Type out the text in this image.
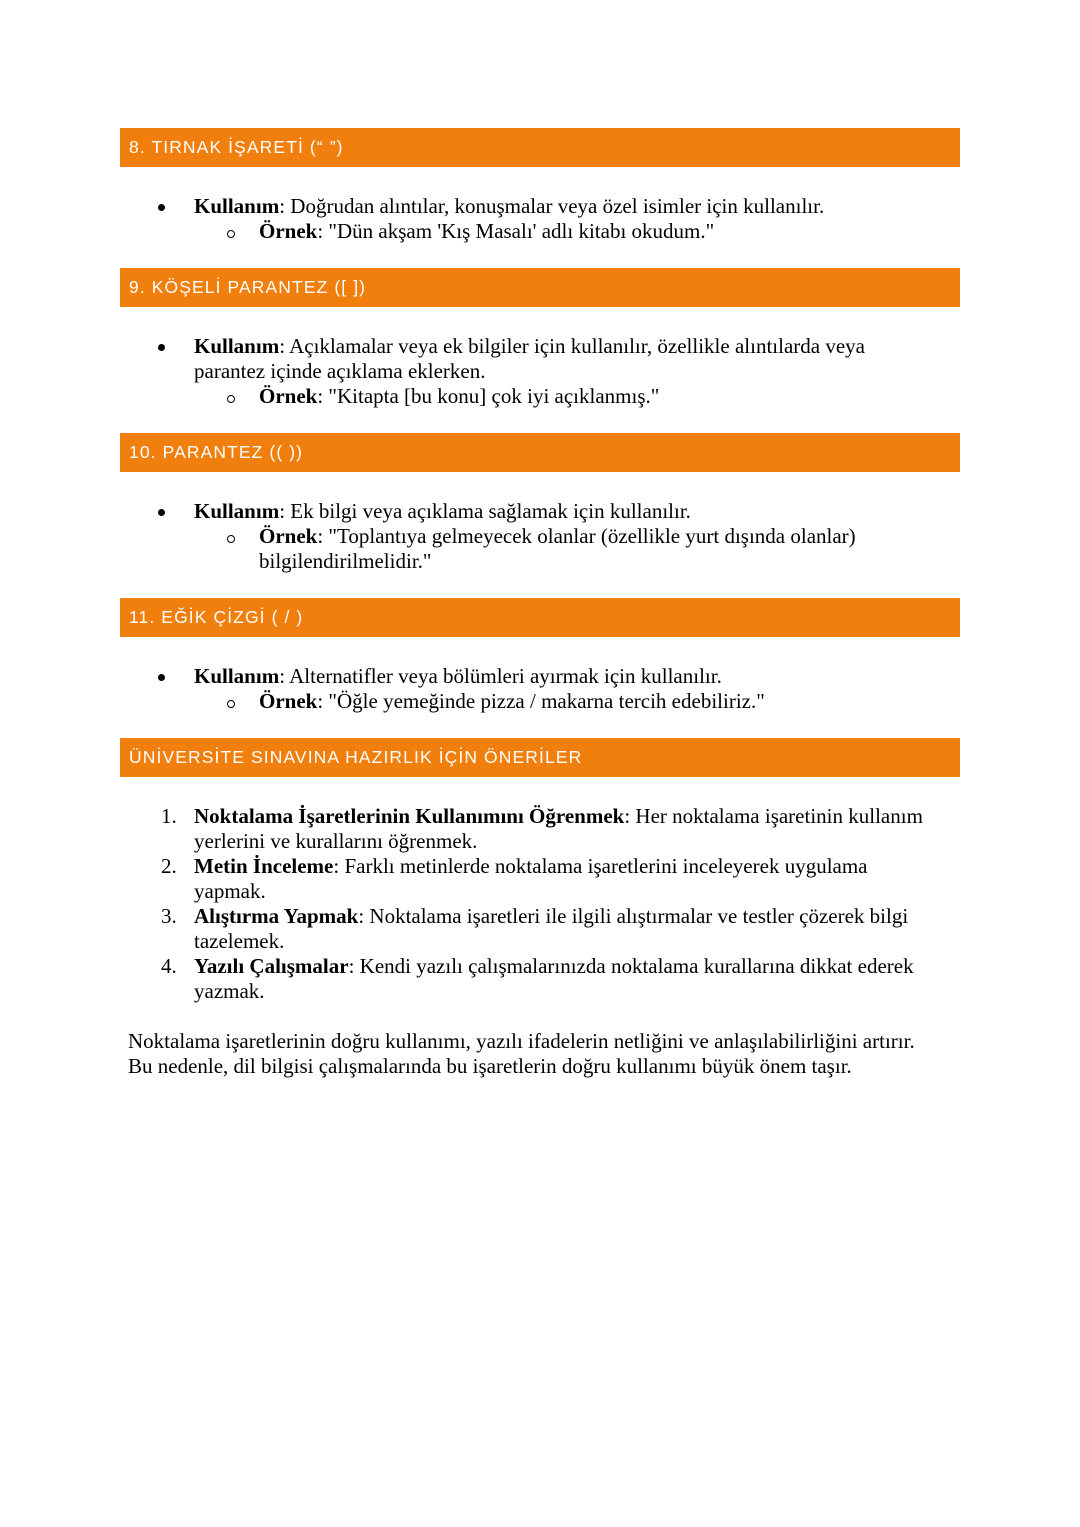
8. TIRNAK İŞARETİ (“ ”)
Kullanım: Doğrudan alıntılar, konuşmalar veya özel isimler için kullanılır.
Örnek: "Dün akşam 'Kış Masalı' adlı kitabı okudum."
9. KÖŞELİ PARANTEZ ([ ])
Kullanım: Açıklamalar veya ek bilgiler için kullanılır, özellikle alıntılarda veya
parantez içinde açıklama eklerken.
Örnek: "Kitapta [bu konu] çok iyi açıklanmış."
10. PARANTEZ (( ))
Kullanım: Ek bilgi veya açıklama sağlamak için kullanılır.
Örnek: "Toplantıya gelmeyecek olanlar (özellikle yurt dışında olanlar)
bilgilendirilmelidir."
11. EĞİK ÇİZGİ ( / )
Kullanım: Alternatifler veya bölümleri ayırmak için kullanılır.
Örnek: "Öğle yemeğinde pizza / makarna tercih edebiliriz."
ÜNİVERSİTE SINAVINA HAZIRLIK İÇİN ÖNERİLER
1. Noktalama İşaretlerinin Kullanımını Öğrenmek: Her noktalama işaretinin kullanım
yerlerini ve kurallarını öğrenmek.
2. Metin İnceleme: Farklı metinlerde noktalama işaretlerini inceleyerek uygulama
yapmak.
3. Alıştırma Yapmak: Noktalama işaretleri ile ilgili alıştırmalar ve testler çözerek bilgi
tazelemek.
4. Yazılı Çalışmalar: Kendi yazılı çalışmalarınızda noktalama kurallarına dikkat ederek
yazmak.
Noktalama işaretlerinin doğru kullanımı, yazılı ifadelerin netliğini ve anlaşılabilirliğini artırır.
Bu nedenle, dil bilgisi çalışmalarında bu işaretlerin doğru kullanımı büyük önem taşır.
